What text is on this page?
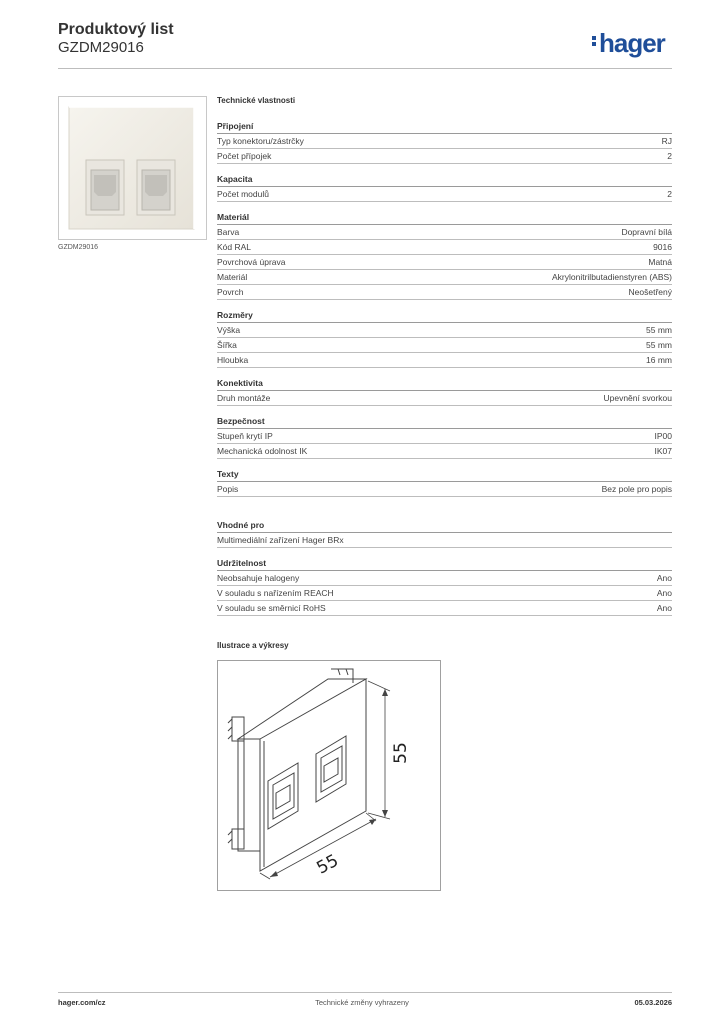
Produktový list
GZDM29016	hager
GZDM29016
Technické vlastnosti
Připojení
Typ konektoru/zástrčky	RJ
Počet přípojek	2
Kapacita
Počet modulů	2
Materiál
Barva	Dopravní bílá
Kód RAL	9016
Povrchová úprava	Matná
Materiál	Akrylonitrilbutadienstyren (ABS)
Povrch	Neošetřený
Rozměry
Výška	55 mm
Šířka	55 mm
Hloubka	16 mm
Konektivita
Druh montáže	Upevnění svorkou
Bezpečnost
Stupeň krytí IP	IP00
Mechanická odolnost IK	IK07
Texty
Popis	Bez pole pro popis
Vhodné pro
Multimediální zařízení Hager BRx
Udržitelnost
Neobsahuje halogeny	Ano
V souladu s nařízením REACH	Ano
V souladu se směrnicí RoHS	Ano
Ilustrace a výkresy
55
55
hager.com/cz	Technické změny vyhrazeny	05.03.2026
